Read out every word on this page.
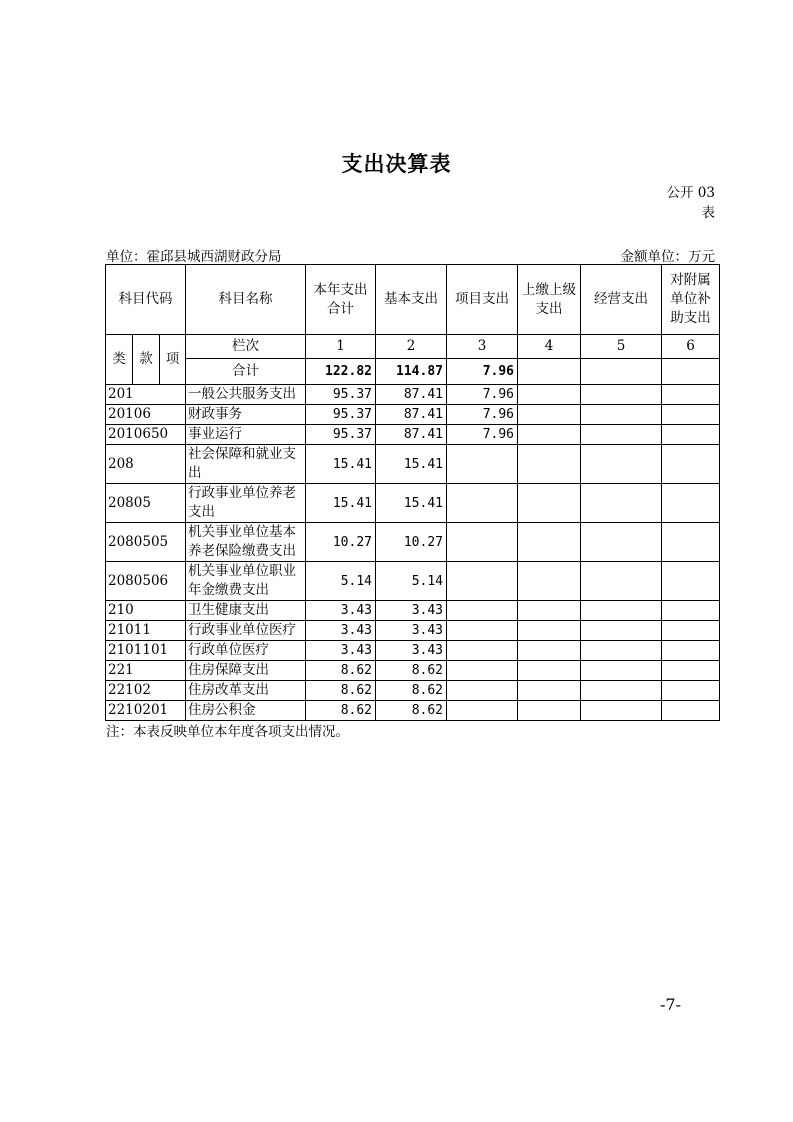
支出决算表
公开 03
表
单位：霍邱县城西湖财政分局	金额单位：万元
科目代码			科目名称	本年支出合计	基本支出	项目支出	上缴上级支出	经营支出	对附属单位补助支出
类	款	项	栏次	1	2	3	4	5	6
			合计	122.82	114.87	7.96			
201			一般公共服务支出	95.37	87.41	7.96			
20106			财政事务	95.37	87.41	7.96			
2010650			事业运行	95.37	87.41	7.96			
208			社会保障和就业支出	15.41	15.41				
20805			行政事业单位养老支出	15.41	15.41				
2080505			机关事业单位基本养老保险缴费支出	10.27	10.27				
2080506			机关事业单位职业年金缴费支出	5.14	5.14				
210			卫生健康支出	3.43	3.43				
21011			行政事业单位医疗	3.43	3.43				
2101101			行政单位医疗	3.43	3.43				
221			住房保障支出	8.62	8.62				
22102			住房改革支出	8.62	8.62				
2210201			住房公积金	8.62	8.62				
注：本表反映单位本年度各项支出情况。
-7-
